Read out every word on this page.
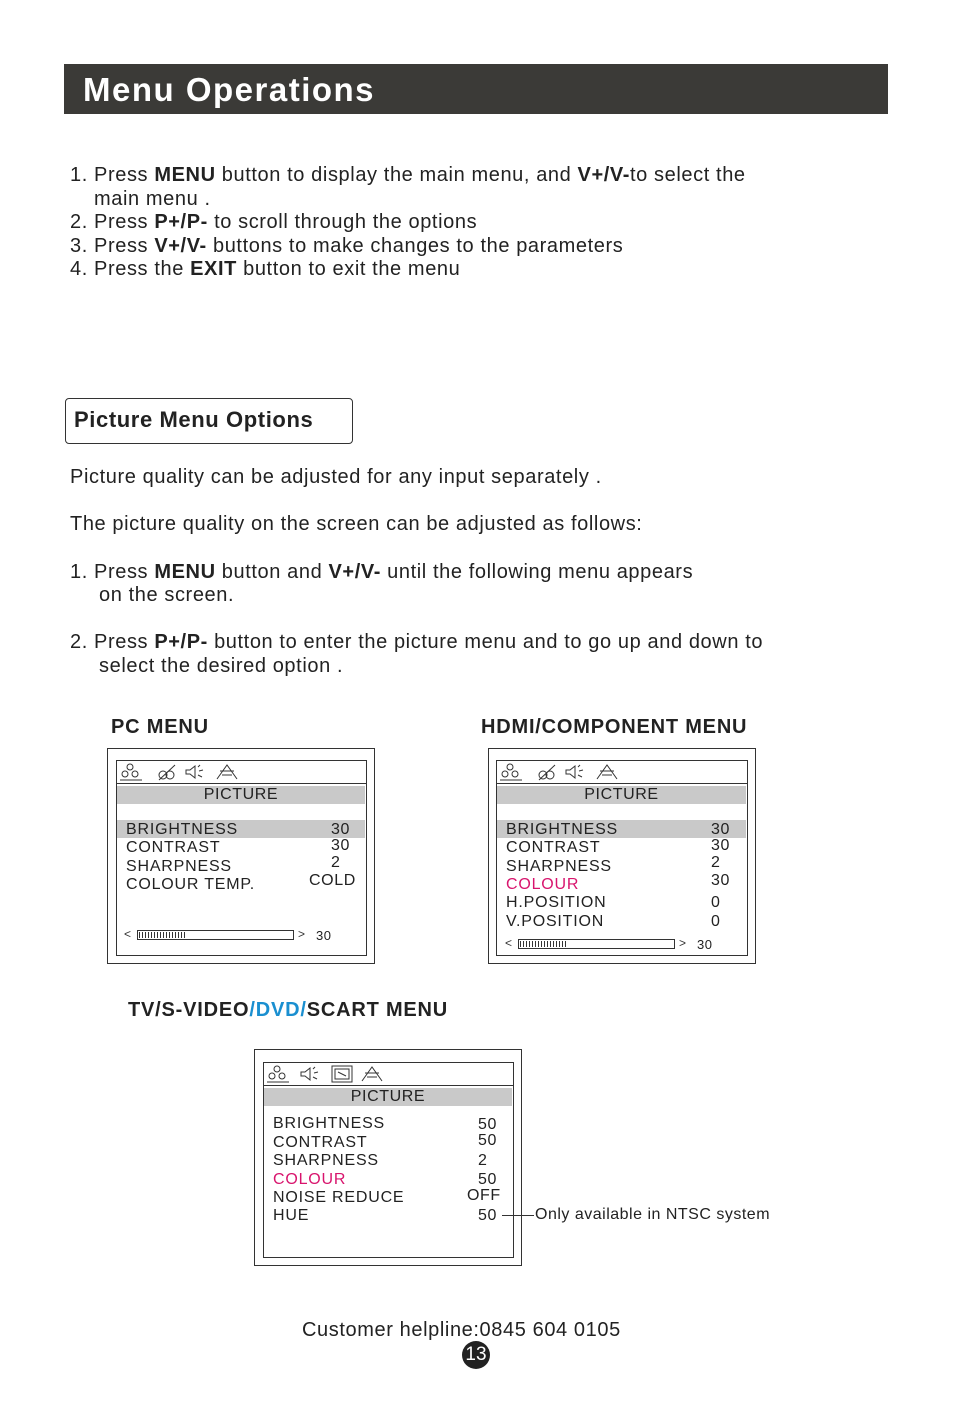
Menu Operations
1. Press MENU button to display the main menu, and V+/V-to select the
main menu .
2. Press P+/P- to scroll through the options
3. Press V+/V- buttons to make changes to the parameters
4. Press the EXIT button to exit the menu
Picture Menu Options
Picture quality can be adjusted for any input separately .
The picture quality on the screen can be adjusted as follows:
1. Press MENU button and V+/V- until the following menu appears
on the screen.
2. Press P+/P- button to enter the picture menu and to go up and down to
select the desired option .
PC MENU
PICTURE
BRIGHTNESS	30
CONTRAST	30
SHARPNESS	2
COLOUR TEMP.	COLD
<	> 30
HDMI/COMPONENT MENU
PICTURE
BRIGHTNESS	30
CONTRAST	30
SHARPNESS	2
COLOUR	30
H.POSITION	0
V.POSITION	0
<	> 30
TV/S-VIDEO/DVD/SCART MENU
PICTURE
BRIGHTNESS	50
CONTRAST	50
SHARPNESS	2
COLOUR	50
NOISE REDUCE	OFF
HUE	50 Only available in NTSC system
Customer helpline:0845 604 0105
13
